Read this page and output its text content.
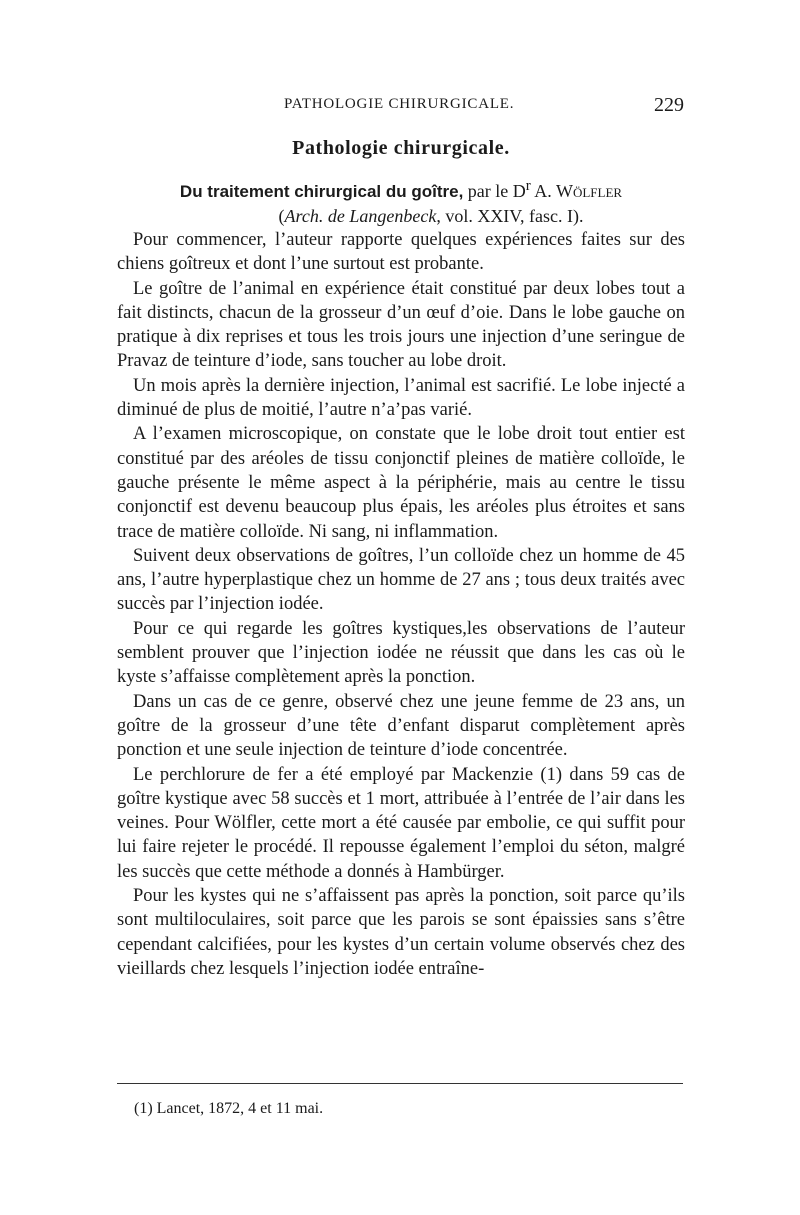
PATHOLOGIE CHIRURGICALE.	229
Pathologie chirurgicale.
Du traitement chirurgical du goître, par le $D^r$ A. Wölfler
(Arch. de Langenbeck, vol. XXIV, fasc. I).

Pour commencer, l’auteur rapporte quelques expériences faites sur des chiens goîtreux et dont l’une surtout est probante.

Le goître de l’animal en expérience était constitué par deux lobes tout a fait distincts, chacun de la grosseur d’un œuf d’oie. Dans le lobe gauche on pratique à dix reprises et tous les trois jours une injection d’une seringue de Pravaz de teinture d’iode, sans toucher au lobe droit.

Un mois après la dernière injection, l’animal est sacrifié. Le lobe injecté a diminué de plus de moitié, l’autre n’a’pas varié.

A l’examen microscopique, on constate que le lobe droit tout entier est constitué par des aréoles de tissu conjonctif pleines de matière colloïde, le gauche présente le même aspect à la périphérie, mais au centre le tissu conjonctif est devenu beaucoup plus épais, les aréoles plus étroites et sans trace de matière colloïde. Ni sang, ni inflammation.

Suivent deux observations de goîtres, l’un colloïde chez un homme de 45 ans, l’autre hyperplastique chez un homme de 27 ans ; tous deux traités avec succès par l’injection iodée.

Pour ce qui regarde les goîtres kystiques,les observations de l’auteur semblent prouver que l’injection iodée ne réussit que dans les cas où le kyste s’affaisse complètement après la ponction.

Dans un cas de ce genre, observé chez une jeune femme de 23 ans, un goître de la grosseur d’une tête d’enfant disparut complètement après ponction et une seule injection de teinture d’iode concentrée.

Le perchlorure de fer a été employé par Mackenzie (1) dans 59 cas de goître kystique avec 58 succès et 1 mort, attribuée à l’entrée de l’air dans les veines. Pour Wölfler, cette mort a été causée par embolie, ce qui suffit pour lui faire rejeter le procédé. Il repousse également l’emploi du séton, malgré les succès que cette méthode a donnés à Hambürger.

Pour les kystes qui ne s’affaissent pas après la ponction, soit parce qu’ils sont multiloculaires, soit parce que les parois se sont épaissies sans s’être cependant calcifiées, pour les kystes d’un certain volume observés chez des vieillards chez lesquels l’injection iodée entraîne-

(1) Lancet, 1872, 4 et 11 mai.
